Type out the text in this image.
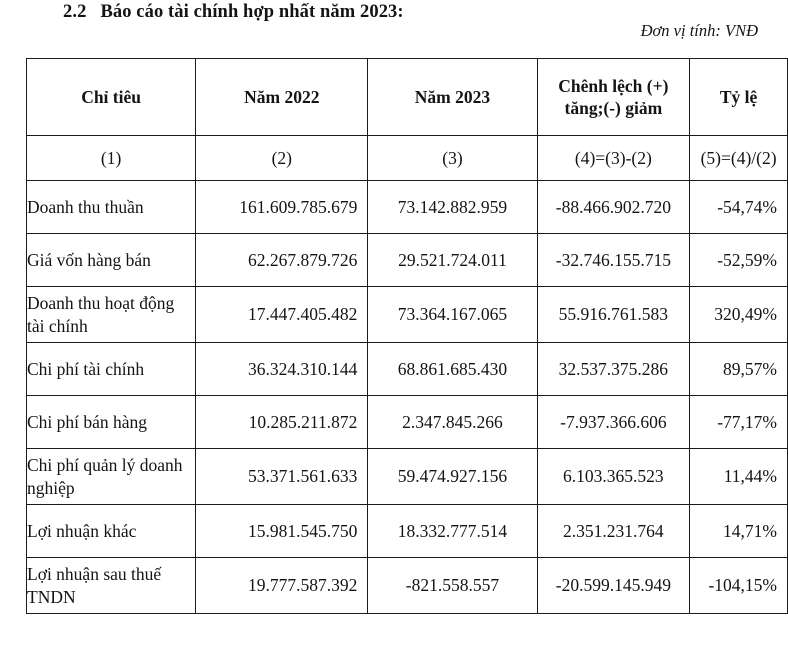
2.2 Báo cáo tài chính hợp nhất năm 2023:
Đơn vị tính: VNĐ
Chỉ tiêu	Năm 2022	Năm 2023	Chênh lệch (+) tăng;(-) giảm	Tỷ lệ
(1)	(2)	(3)	(4)=(3)-(2)	(5)=(4)/(2)
Doanh thu thuần	161.609.785.679	73.142.882.959	-88.466.902.720	-54,74%
Giá vốn hàng bán	62.267.879.726	29.521.724.011	-32.746.155.715	-52,59%
Doanh thu hoạt động tài chính	17.447.405.482	73.364.167.065	55.916.761.583	320,49%
Chi phí tài chính	36.324.310.144	68.861.685.430	32.537.375.286	89,57%
Chi phí bán hàng	10.285.211.872	2.347.845.266	-7.937.366.606	-77,17%
Chi phí quản lý doanh nghiệp	53.371.561.633	59.474.927.156	6.103.365.523	11,44%
Lợi nhuận khác	15.981.545.750	18.332.777.514	2.351.231.764	14,71%
Lợi nhuận sau thuế TNDN	19.777.587.392	-821.558.557	-20.599.145.949	-104,15%
